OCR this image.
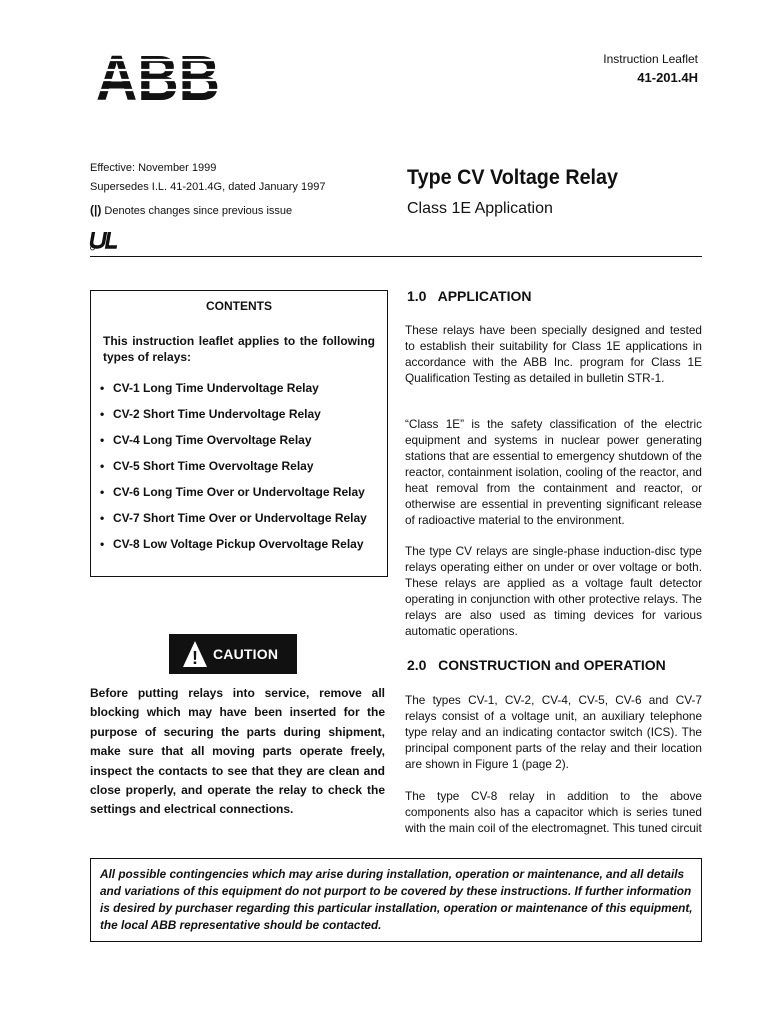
ABB	Instruction Leaflet
41-201.4H
Effective: November 1999
Supersedes I.L. 41-201.4G, dated January 1997
(|) Denotes changes since previous issue
UL
Type CV Voltage Relay
Class 1E Application
CONTENTS
This instruction leaflet applies to the following types of relays:
• CV-1 Long Time Undervoltage Relay
• CV-2 Short Time Undervoltage Relay
• CV-4 Long Time Overvoltage Relay
• CV-5 Short Time Overvoltage Relay
• CV-6 Long Time Over or Undervoltage Relay
• CV-7 Short Time Over or Undervoltage Relay
• CV-8 Low Voltage Pickup Overvoltage Relay
! CAUTION
Before putting relays into service, remove all blocking which may have been inserted for the purpose of securing the parts during shipment, make sure that all moving parts operate freely, inspect the contacts to see that they are clean and close properly, and operate the relay to check the settings and electrical connections.
1.0   APPLICATION
These relays have been specially designed and tested to establish their suitability for Class 1E applications in accordance with the ABB Inc. program for Class 1E Qualification Testing as detailed in bulletin STR-1.
“Class 1E” is the safety classification of the electric equipment and systems in nuclear power generating stations that are essential to emergency shutdown of the reactor, containment isolation, cooling of the reactor, and heat removal from the containment and reactor, or otherwise are essential in preventing significant release of radioactive material to the environment.
The type CV relays are single-phase induction-disc type relays operating either on under or over voltage or both. These relays are applied as a voltage fault detector operating in conjunction with other protective relays. The relays are also used as timing devices for various automatic operations.
2.0   CONSTRUCTION and OPERATION
The types CV-1, CV-2, CV-4, CV-5, CV-6 and CV-7 relays consist of a voltage unit, an auxiliary telephone type relay and an indicating contactor switch (ICS). The principal component parts of the relay and their location are shown in Figure 1 (page 2).
The type CV-8 relay in addition to the above components also has a capacitor which is series tuned with the main coil of the electromagnet. This tuned circuit
All possible contingencies which may arise during installation, operation or maintenance, and all details and variations of this equipment do not purport to be covered by these instructions. If further information is desired by purchaser regarding this particular installation, operation or maintenance of this equipment, the local ABB representative should be contacted.
